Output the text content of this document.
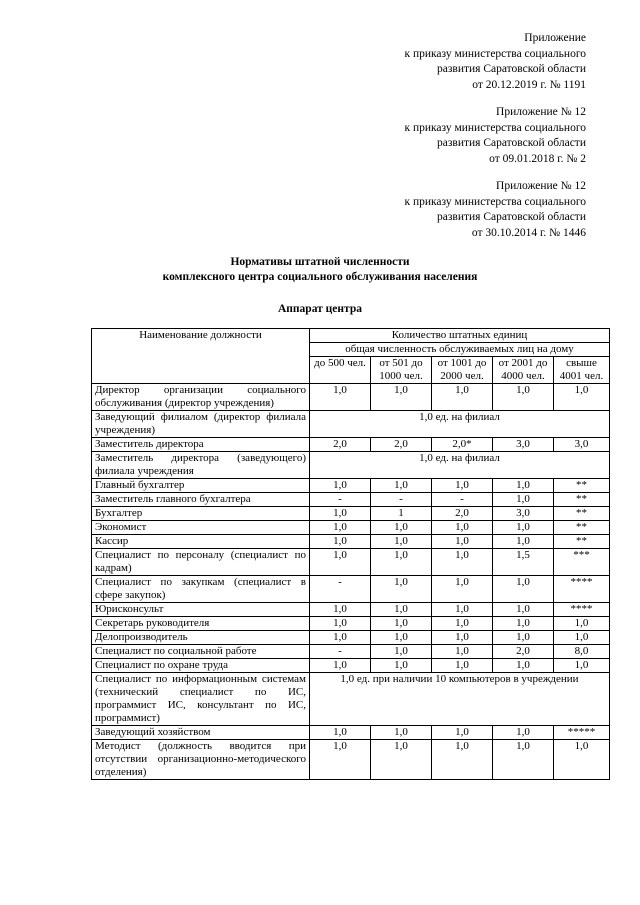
Приложение
к приказу министерства социального
развития Саратовской области
от 20.12.2019 г. № 1191
Приложение № 12
к приказу министерства социального
развития Саратовской области
от 09.01.2018 г. № 2
Приложение № 12
к приказу министерства социального
развития Саратовской области
от 30.10.2014 г. № 1446
Нормативы штатной численности
комплексного центра социального обслуживания населения
Аппарат центра
Наименование должности	Количество штатных единиц				
	общая численность обслуживаемых лиц на дому				
	до 500 чел.	от 501 до 1000 чел.	от 1001 до 2000 чел.	от 2001 до 4000 чел.	свыше 4001 чел.
Директор организации социального обслуживания (директор учреждения)	1,0	1,0	1,0	1,0	1,0
Заведующий филиалом (директор филиала учреждения)	1,0 ед. на филиал				
Заместитель директора	2,0	2,0	2,0*	3,0	3,0
Заместитель директора (заведующего) филиала учреждения	1,0 ед. на филиал				
Главный бухгалтер	1,0	1,0	1,0	1,0	**
Заместитель главного бухгалтера	-	-	-	1,0	**
Бухгалтер	1,0	1	2,0	3,0	**
Экономист	1,0	1,0	1,0	1,0	**
Кассир	1,0	1,0	1,0	1,0	**
Специалист по персоналу (специалист по кадрам)	1,0	1,0	1,0	1,5	***
Специалист по закупкам (специалист в сфере закупок)	-	1,0	1,0	1,0	****
Юрисконсульт	1,0	1,0	1,0	1,0	****
Секретарь руководителя	1,0	1,0	1,0	1,0	1,0
Делопроизводитель	1,0	1,0	1,0	1,0	1,0
Специалист по социальной работе	-	1,0	1,0	2,0	8,0
Специалист по охране труда	1,0	1,0	1,0	1,0	1,0
Специалист по информационным системам (технический специалист по ИС, программист ИС, консультант по ИС, программист)	1,0 ед. при наличии 10 компьютеров в учреждении				
Заведующий хозяйством	1,0	1,0	1,0	1,0	*****
Методист (должность вводится при отсутствии организационно-методического отделения)	1,0	1,0	1,0	1,0	1,0
